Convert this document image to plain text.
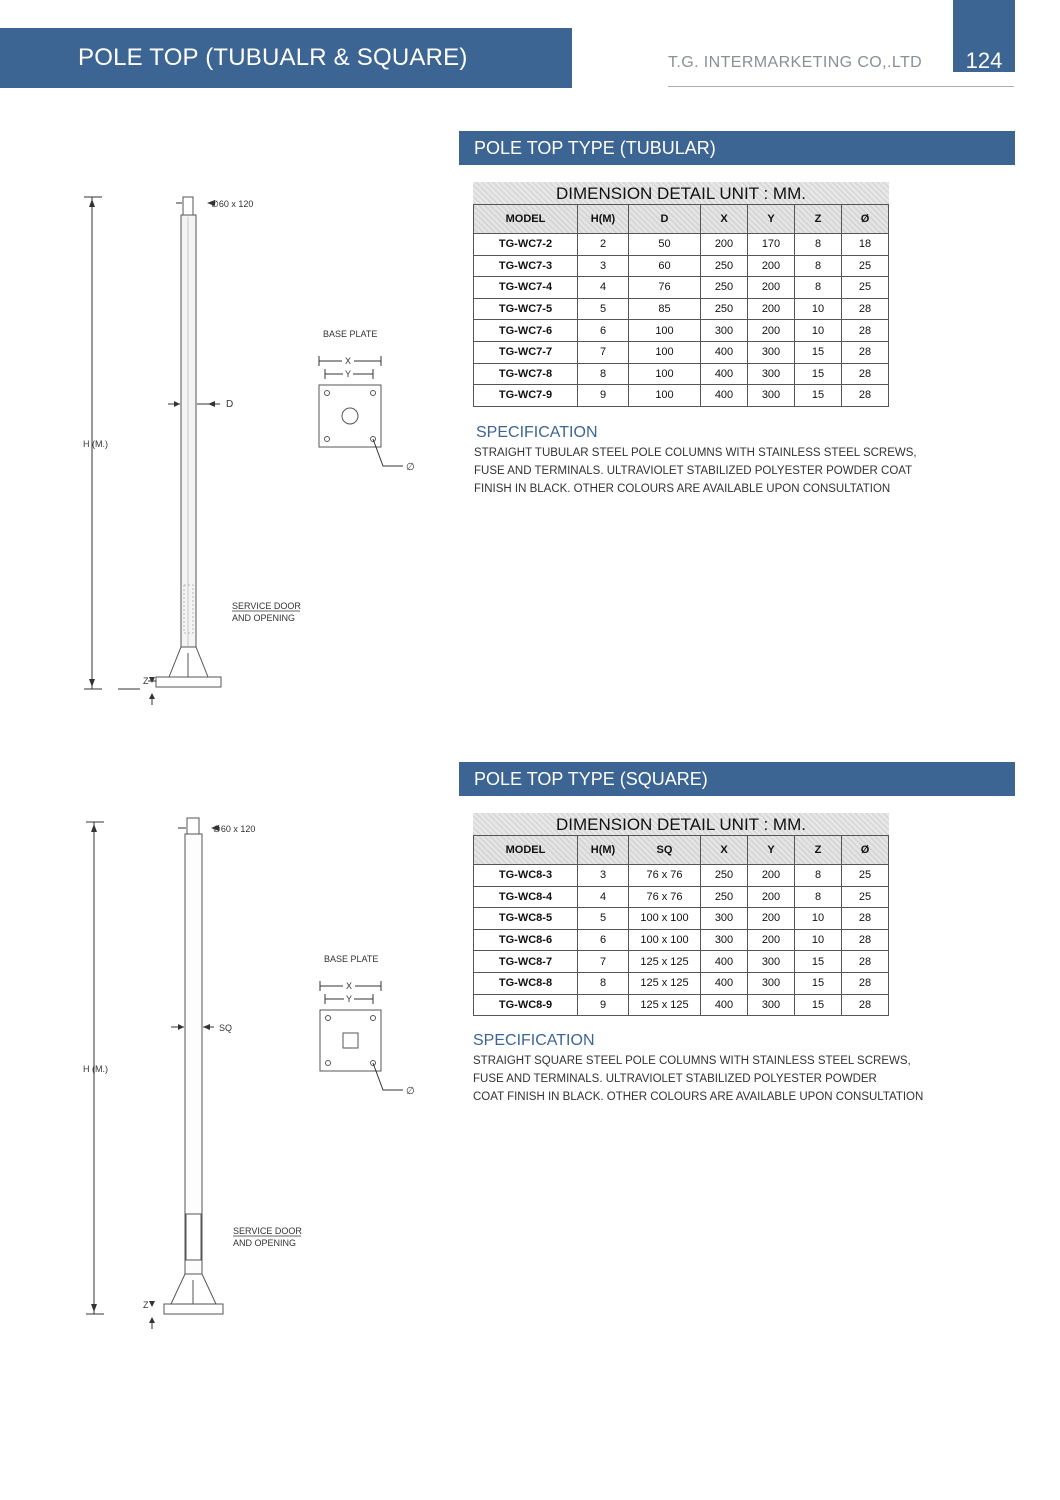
POLE TOP (TUBUALR & SQUARE)	T.G. INTERMARKETING CO,.LTD	124
POLE TOP TYPE (TUBULAR)
DIMENSION DETAIL UNIT : MM.
MODEL	H(M)	D	X	Y	Z	Ø
TG-WC7-2	2	50	200	170	8	18
TG-WC7-3	3	60	250	200	8	25
TG-WC7-4	4	76	250	200	8	25
TG-WC7-5	5	85	250	200	10	28
TG-WC7-6	6	100	300	200	10	28
TG-WC7-7	7	100	400	300	15	28
TG-WC7-8	8	100	400	300	15	28
TG-WC7-9	9	100	400	300	15	28
SPECIFICATION
STRAIGHT TUBULAR STEEL POLE COLUMNS WITH STAINLESS STEEL SCREWS,
FUSE AND TERMINALS. ULTRAVIOLET STABILIZED POLYESTER POWDER COAT
FINISH IN BLACK. OTHER COLOURS ARE AVAILABLE UPON CONSULTATION
H (M.)
∅60 x 120
D
Z
SERVICE DOOR
AND OPENING
BASE PLATE
X
Y
∅
POLE TOP TYPE (SQUARE)
DIMENSION DETAIL UNIT : MM.
MODEL	H(M)	SQ	X	Y	Z	Ø
TG-WC8-3	3	76 x 76	250	200	8	25
TG-WC8-4	4	76 x 76	250	200	8	25
TG-WC8-5	5	100 x 100	300	200	10	28
TG-WC8-6	6	100 x 100	300	200	10	28
TG-WC8-7	7	125 x 125	400	300	15	28
TG-WC8-8	8	125 x 125	400	300	15	28
TG-WC8-9	9	125 x 125	400	300	15	28
SPECIFICATION
STRAIGHT SQUARE STEEL POLE COLUMNS WITH STAINLESS STEEL SCREWS,
FUSE AND TERMINALS. ULTRAVIOLET STABILIZED POLYESTER POWDER
COAT FINISH IN BLACK. OTHER COLOURS ARE AVAILABLE UPON CONSULTATION
H (M.)
∅60 x 120
SQ
Z
SERVICE DOOR
AND OPENING
BASE PLATE
X
Y
∅
